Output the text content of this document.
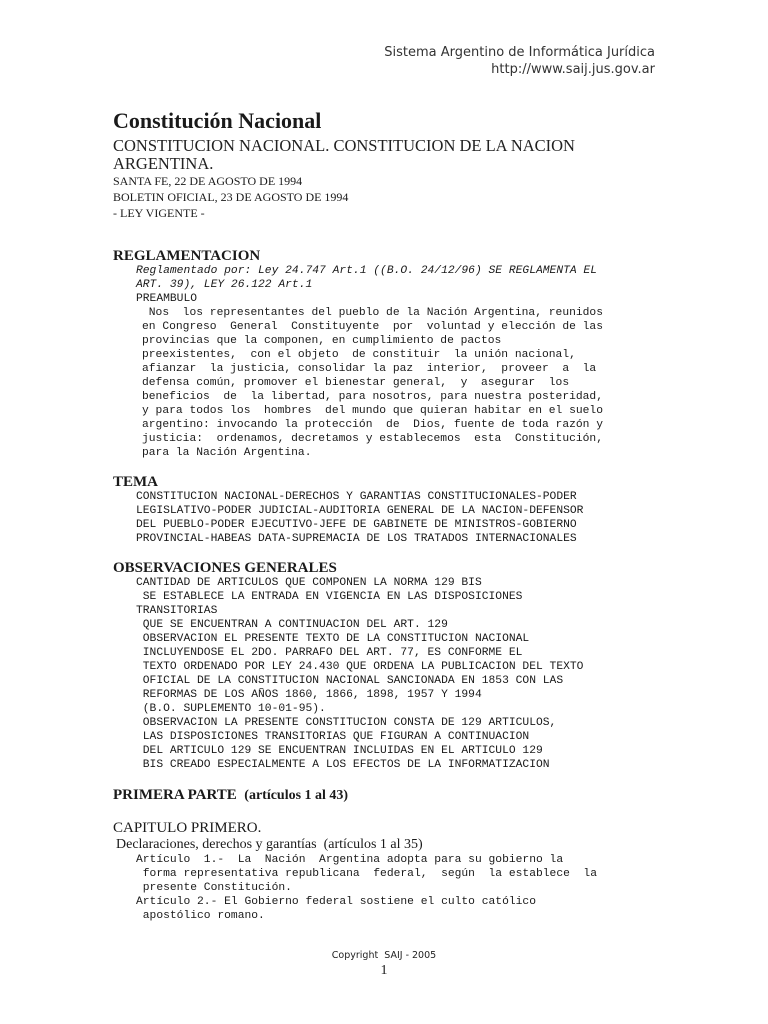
Sistema Argentino de Informática Jurídica
http://www.saij.jus.gov.ar
Constitución Nacional
CONSTITUCION NACIONAL. CONSTITUCION DE LA NACION
ARGENTINA.
SANTA FE, 22 DE AGOSTO DE 1994
BOLETIN OFICIAL, 23 DE AGOSTO DE 1994
- LEY VIGENTE -
REGLAMENTACION
Reglamentado por: Ley 24.747 Art.1 ((B.O. 24/12/96) SE REGLAMENTA EL
ART. 39), LEY 26.122 Art.1
PREAMBULO
Nos  los representantes del pueblo de la Nación Argentina, reunidos
en Congreso  General  Constituyente  por  voluntad y elección de las
provincias que la componen, en cumplimiento de pactos
preexistentes,  con el objeto  de constituir  la unión nacional,
afianzar  la justicia, consolidar la paz  interior,  proveer  a  la
defensa común, promover el bienestar general,  y  asegurar  los
beneficios  de  la libertad, para nosotros, para nuestra posteridad,
y para todos los  hombres  del mundo que quieran habitar en el suelo
argentino: invocando la protección  de  Dios, fuente de toda razón y
justicia:  ordenamos, decretamos y establecemos  esta  Constitución,
para la Nación Argentina.
TEMA
CONSTITUCION NACIONAL-DERECHOS Y GARANTIAS CONSTITUCIONALES-PODER
LEGISLATIVO-PODER JUDICIAL-AUDITORIA GENERAL DE LA NACION-DEFENSOR
DEL PUEBLO-PODER EJECUTIVO-JEFE DE GABINETE DE MINISTROS-GOBIERNO
PROVINCIAL-HABEAS DATA-SUPREMACIA DE LOS TRATADOS INTERNACIONALES
OBSERVACIONES GENERALES
CANTIDAD DE ARTICULOS QUE COMPONEN LA NORMA 129 BIS
SE ESTABLECE LA ENTRADA EN VIGENCIA EN LAS DISPOSICIONES
TRANSITORIAS
QUE SE ENCUENTRAN A CONTINUACION DEL ART. 129
OBSERVACION EL PRESENTE TEXTO DE LA CONSTITUCION NACIONAL
INCLUYENDOSE EL 2DO. PARRAFO DEL ART. 77, ES CONFORME EL
TEXTO ORDENADO POR LEY 24.430 QUE ORDENA LA PUBLICACION DEL TEXTO
OFICIAL DE LA CONSTITUCION NACIONAL SANCIONADA EN 1853 CON LAS
REFORMAS DE LOS AÑOS 1860, 1866, 1898, 1957 Y 1994
(B.O. SUPLEMENTO 10-01-95).
OBSERVACION LA PRESENTE CONSTITUCION CONSTA DE 129 ARTICULOS,
LAS DISPOSICIONES TRANSITORIAS QUE FIGURAN A CONTINUACION
DEL ARTICULO 129 SE ENCUENTRAN INCLUIDAS EN EL ARTICULO 129
BIS CREADO ESPECIALMENTE A LOS EFECTOS DE LA INFORMATIZACION
PRIMERA PARTE (artículos 1 al 43)
CAPITULO PRIMERO.
Declaraciones, derechos y garantías  (artículos 1 al 35)
Artículo  1.-  La  Nación  Argentina adopta para su gobierno la
forma representativa republicana  federal,  según  la establece  la
presente Constitución.
Artículo 2.- El Gobierno federal sostiene el culto católico
apostólico romano.
Copyright  SAIJ - 2005
1
